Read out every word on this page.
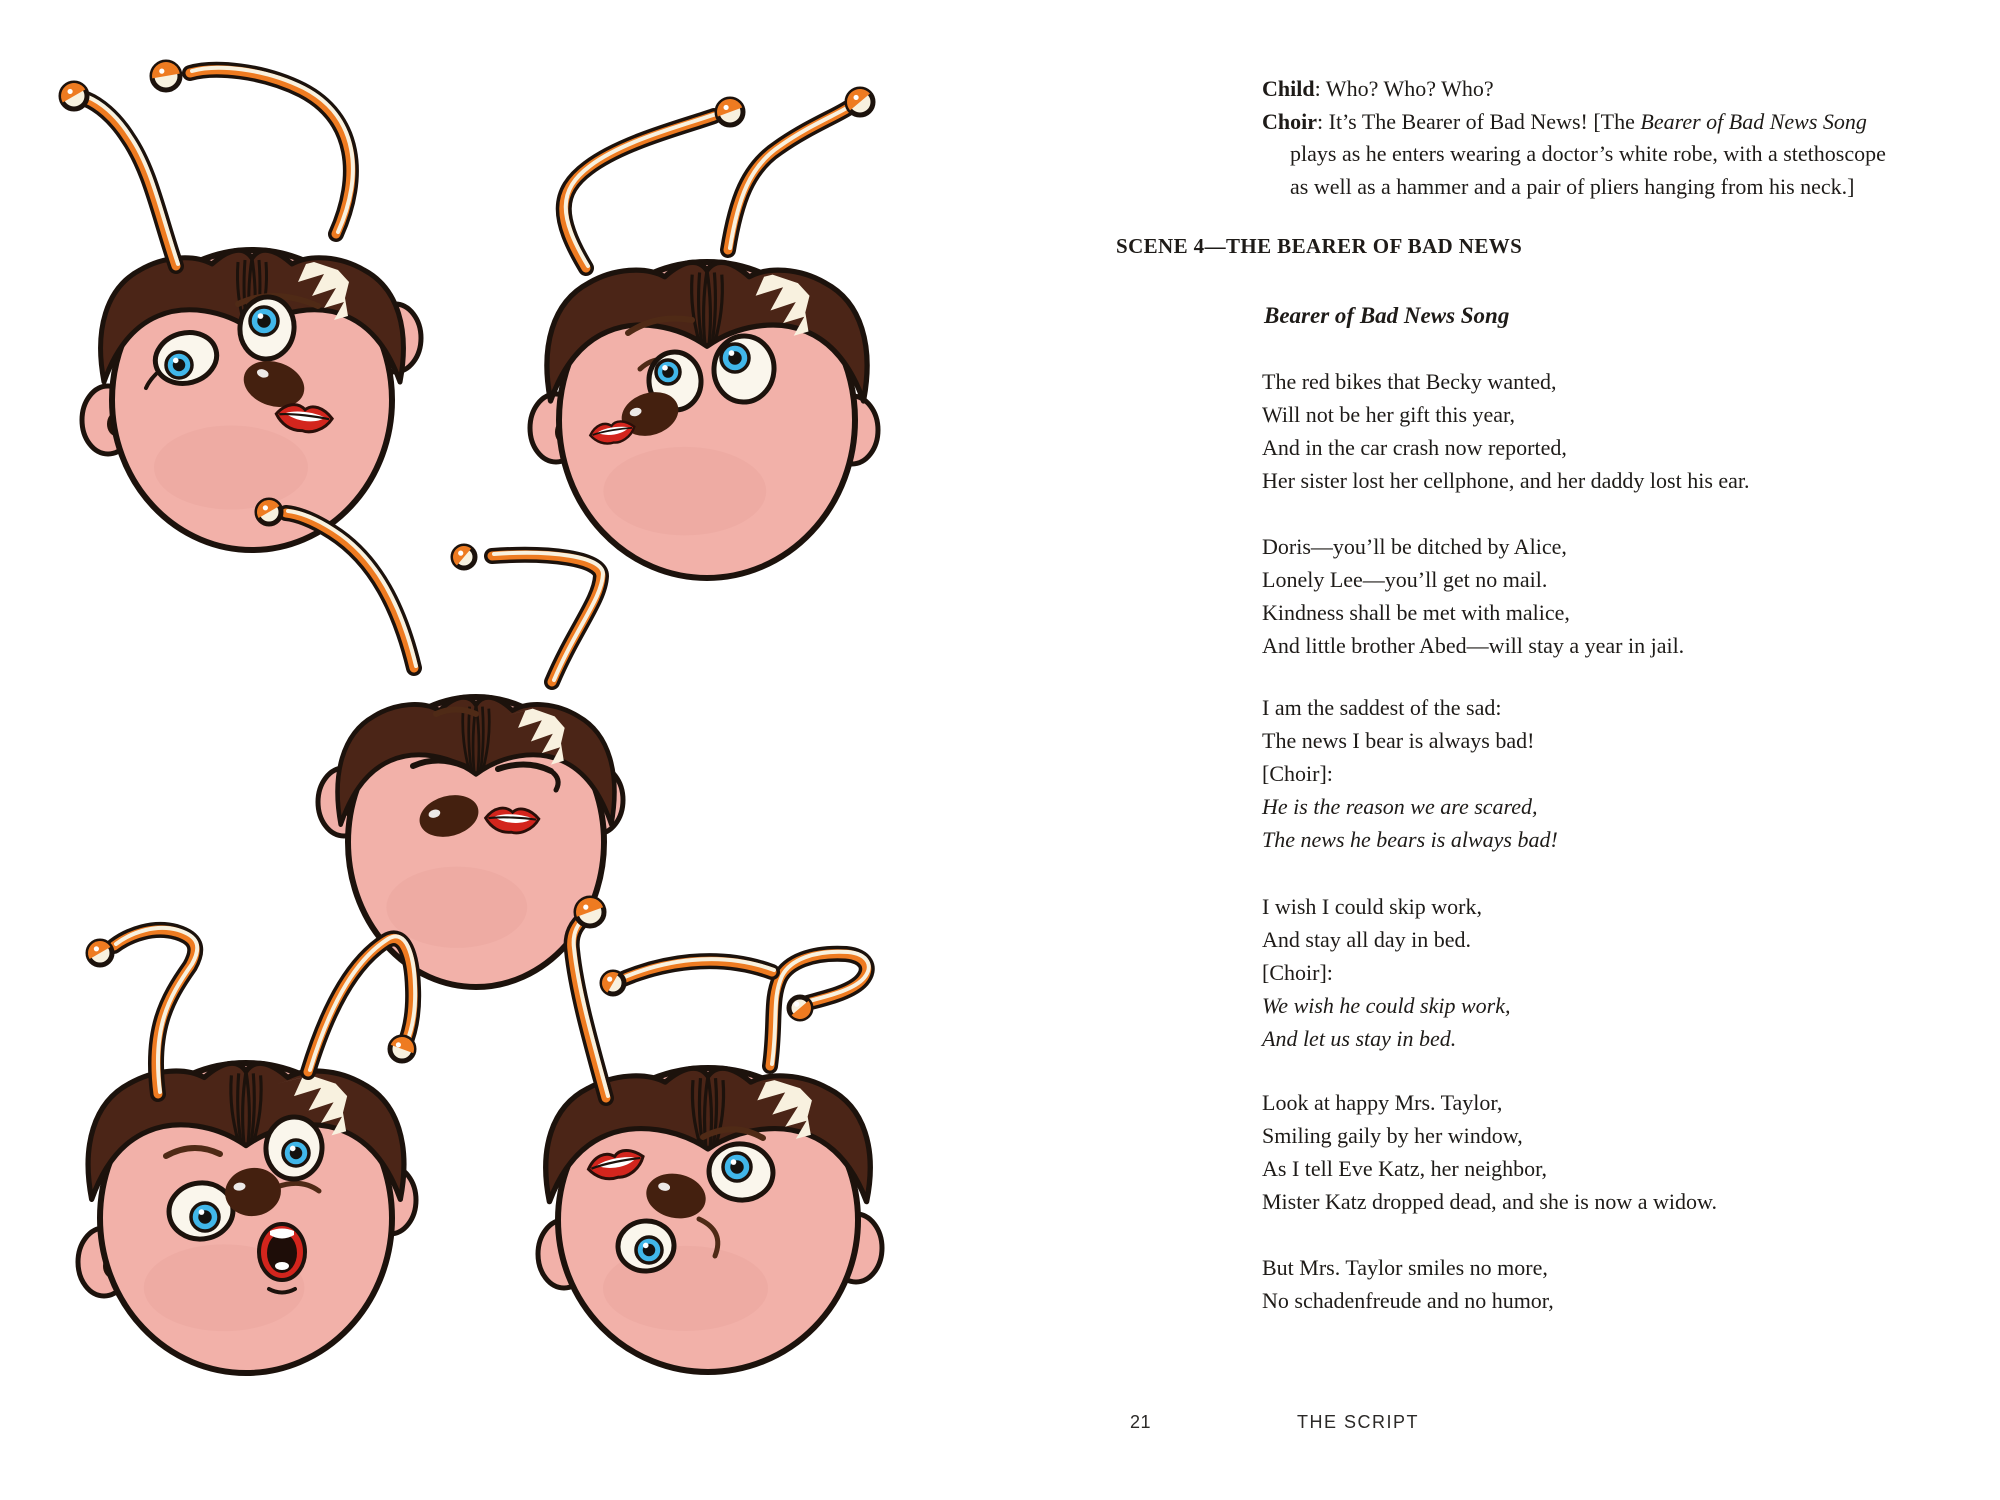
Child: Who? Who? Who?
Choir: It’s The Bearer of Bad News! [The Bearer of Bad News Song
plays as he enters wearing a doctor’s white robe, with a stethoscope
as well as a hammer and a pair of pliers hanging from his neck.]
SCENE 4—THE BEARER OF BAD NEWS
Bearer of Bad News Song
The red bikes that Becky wanted,
Will not be her gift this year,
And in the car crash now reported,
Her sister lost her cellphone, and her daddy lost his ear.
Doris—you’ll be ditched by Alice,
Lonely Lee—you’ll get no mail.
Kindness shall be met with malice,
And little brother Abed—will stay a year in jail.
I am the saddest of the sad:
The news I bear is always bad!
[Choir]:
He is the reason we are scared,
The news he bears is always bad!
I wish I could skip work,
And stay all day in bed.
[Choir]:
We wish he could skip work,
And let us stay in bed.
Look at happy Mrs. Taylor,
Smiling gaily by her window,
As I tell Eve Katz, her neighbor,
Mister Katz dropped dead, and she is now a widow.
But Mrs. Taylor smiles no more,
No schadenfreude and no humor,
21	THE SCRIPT
